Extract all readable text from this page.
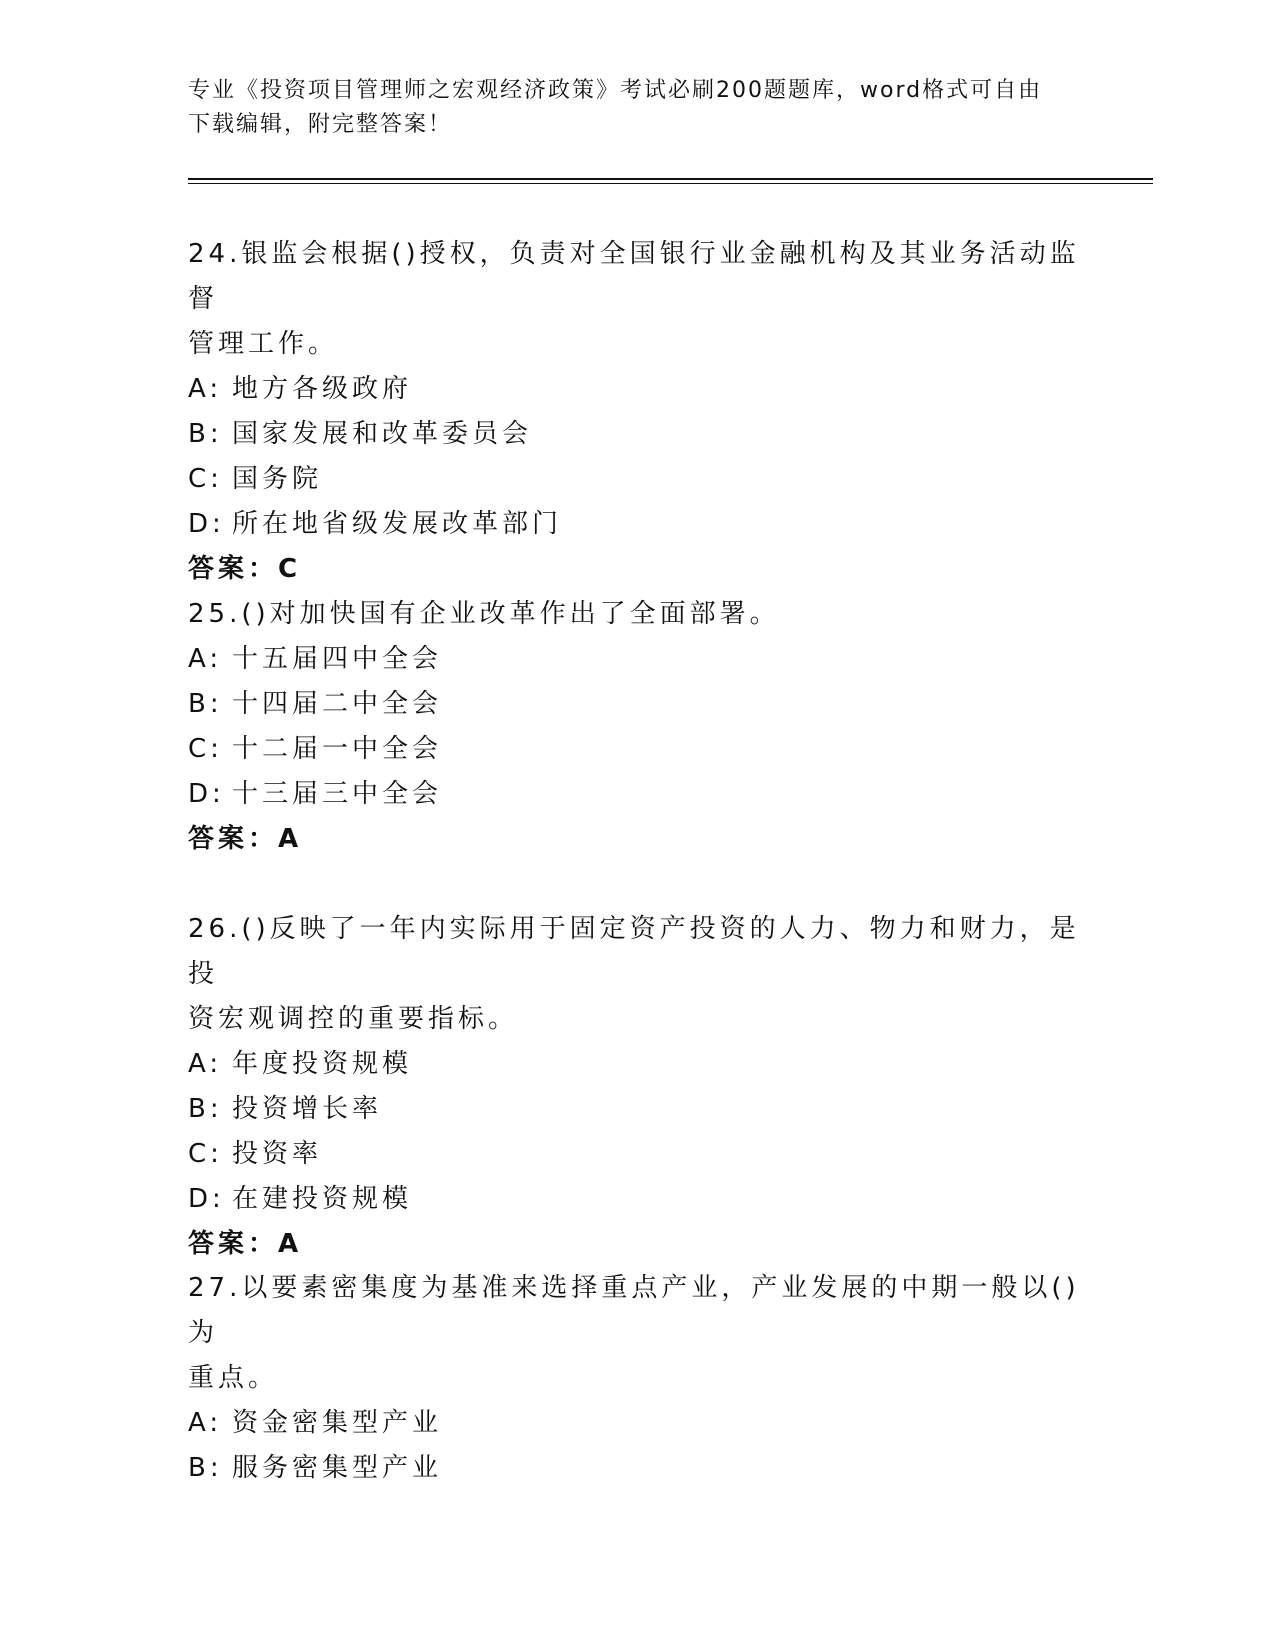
专业《投资项目管理师之宏观经济政策》考试必刷200题题库，word格式可自由
下载编辑，附完整答案！
24.银监会根据()授权，负责对全国银行业金融机构及其业务活动监督
管理工作。
A: 地方各级政府
B: 国家发展和改革委员会
C: 国务院
D: 所在地省级发展改革部门
答案：C
25.()对加快国有企业改革作出了全面部署。
A: 十五届四中全会
B: 十四届二中全会
C: 十二届一中全会
D: 十三届三中全会
答案：A
26.()反映了一年内实际用于固定资产投资的人力、物力和财力，是投
资宏观调控的重要指标。
A: 年度投资规模
B: 投资增长率
C: 投资率
D: 在建投资规模
答案：A
27.以要素密集度为基准来选择重点产业，产业发展的中期一般以()为
重点。
A: 资金密集型产业
B: 服务密集型产业
